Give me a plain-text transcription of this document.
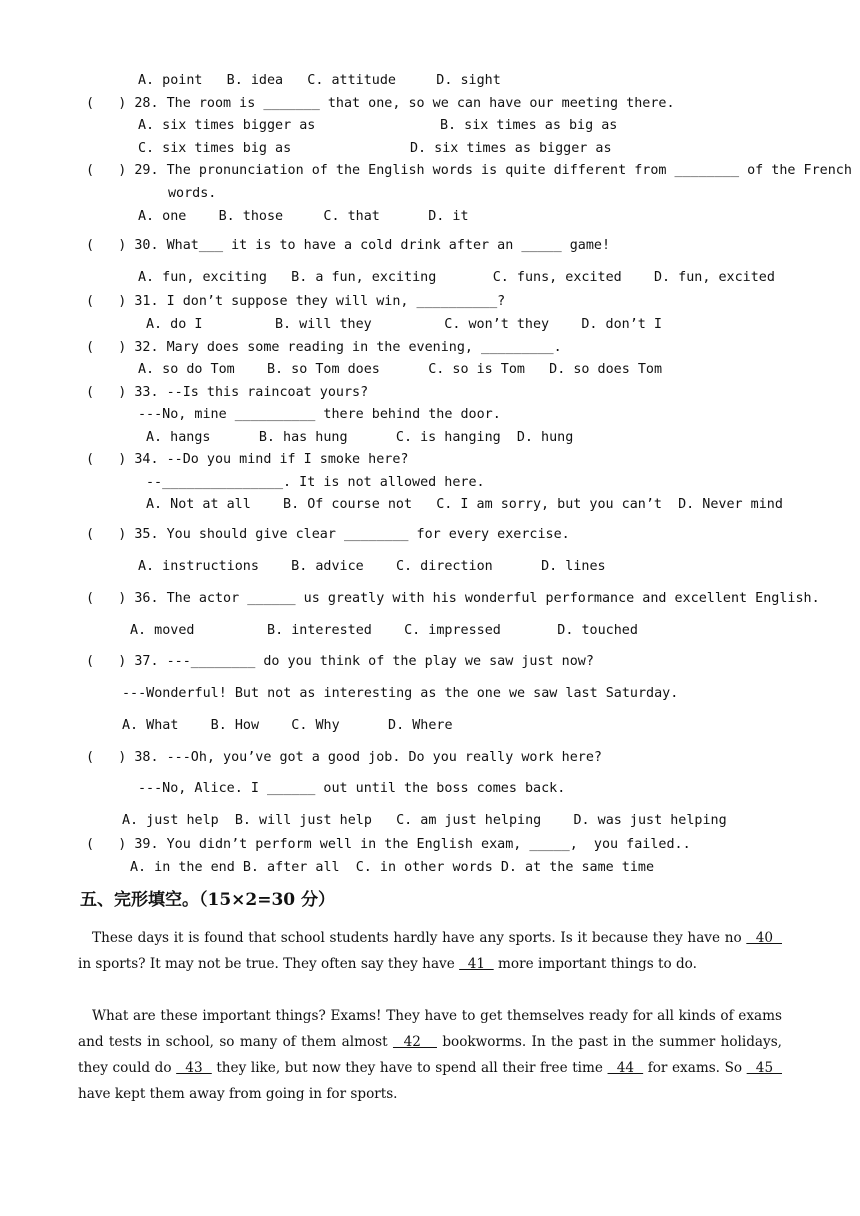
A. point   B. idea   C. attitude     D. sight
(   ) 28. The room is _______ that one, so we can have our meeting there.
A. six times bigger as	B. six times as big as
C. six times big as	D. six times as bigger as
(   ) 29. The pronunciation of the English words is quite different from ________ of the French
words.
A. one    B. those     C. that      D. it
(   ) 30. What___ it is to have a cold drink after an _____ game!
A. fun, exciting   B. a fun, exciting       C. funs, excited    D. fun, excited
(   ) 31. I don’t suppose they will win, __________?
A. do I         B. will they         C. won’t they    D. don’t I
(   ) 32. Mary does some reading in the evening, _________.
A. so do Tom    B. so Tom does      C. so is Tom   D. so does Tom
(   ) 33. --Is this raincoat yours?
---No, mine __________ there behind the door.
A. hangs      B. has hung      C. is hanging  D. hung
(   ) 34. --Do you mind if I smoke here?
--_______________. It is not allowed here.
A. Not at all    B. Of course not   C. I am sorry, but you can’t  D. Never mind
(   ) 35. You should give clear ________ for every exercise.
A. instructions    B. advice    C. direction      D. lines
(   ) 36. The actor ______ us greatly with his wonderful performance and excellent English.
A. moved         B. interested    C. impressed       D. touched
(   ) 37. ---________ do you think of the play we saw just now?
---Wonderful! But not as interesting as the one we saw last Saturday.
A. What    B. How    C. Why      D. Where
(   ) 38. ---Oh, you’ve got a good job. Do you really work here?
---No, Alice. I ______ out until the boss comes back.
A. just help  B. will just help   C. am just helping    D. was just helping
(   ) 39. You didn’t perform well in the English exam, _____,  you failed..
A. in the end B. after all  C. in other words D. at the same time
五、完形填空。（15×2=30 分）
These days it is found that school students hardly have any sports. Is it because they have no   40   in sports? It may not be true. They often say they have   41   more important things to do.
What are these important things? Exams! They have to get themselves ready for all kinds of exams and tests in school, so many of them almost   42    bookworms. In the past in the summer holidays, they could do   43   they like, but now they have to spend all their free time   44   for exams. So   45   have kept them away from going in for sports.
